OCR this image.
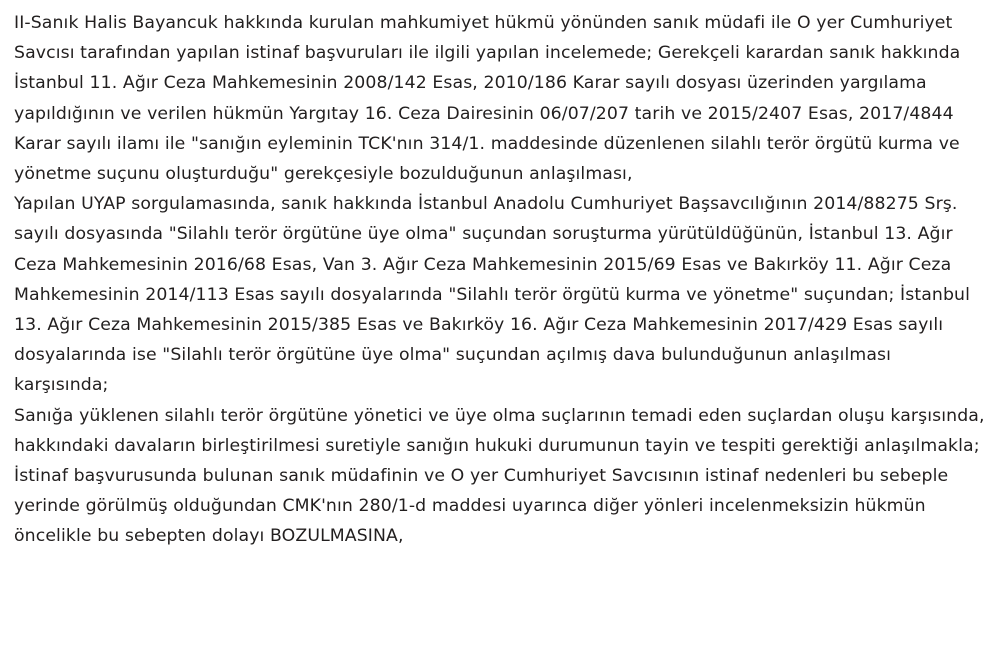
II-Sanık Halis Bayancuk hakkında kurulan mahkumiyet hükmü yönünden sanık müdafi ile O yer Cumhuriyet Savcısı tarafından yapılan istinaf başvuruları ile ilgili yapılan incelemede; Gerekçeli karardan sanık hakkında İstanbul 11. Ağır Ceza Mahkemesinin 2008/142 Esas, 2010/186 Karar sayılı dosyası üzerinden yargılama yapıldığının ve verilen hükmün Yargıtay 16. Ceza Dairesinin 06/07/207 tarih ve 2015/2407 Esas, 2017/4844 Karar sayılı ilamı ile "sanığın eyleminin TCK'nın 314/1. maddesinde düzenlenen silahlı terör örgütü kurma ve yönetme suçunu oluşturduğu" gerekçesiyle bozulduğunun anlaşılması,

Yapılan UYAP sorgulamasında, sanık hakkında İstanbul Anadolu Cumhuriyet Başsavcılığının 2014/88275 Srş. sayılı dosyasında "Silahlı terör örgütüne üye olma" suçundan soruşturma yürütüldüğünün, İstanbul 13. Ağır Ceza Mahkemesinin 2016/68 Esas, Van 3. Ağır Ceza Mahkemesinin 2015/69 Esas ve Bakırköy 11. Ağır Ceza Mahkemesinin 2014/113 Esas sayılı dosyalarında "Silahlı terör örgütü kurma ve yönetme" suçundan; İstanbul 13. Ağır Ceza Mahkemesinin 2015/385 Esas ve Bakırköy 16. Ağır Ceza Mahkemesinin 2017/429 Esas sayılı dosyalarında ise "Silahlı terör örgütüne üye olma" suçundan açılmış dava bulunduğunun anlaşılması karşısında;

Sanığa yüklenen silahlı terör örgütüne yönetici ve üye olma suçlarının temadi eden suçlardan oluşu karşısında, hakkındaki davaların birleştirilmesi suretiyle sanığın hukuki durumunun tayin ve tespiti gerektiği anlaşılmakla;

İstinaf başvurusunda bulunan sanık müdafinin ve O yer Cumhuriyet Savcısının istinaf nedenleri bu sebeple yerinde görülmüş olduğundan CMK'nın 280/1-d maddesi uyarınca diğer yönleri incelenmeksizin hükmün öncelikle bu sebepten dolayı BOZULMASINA,
